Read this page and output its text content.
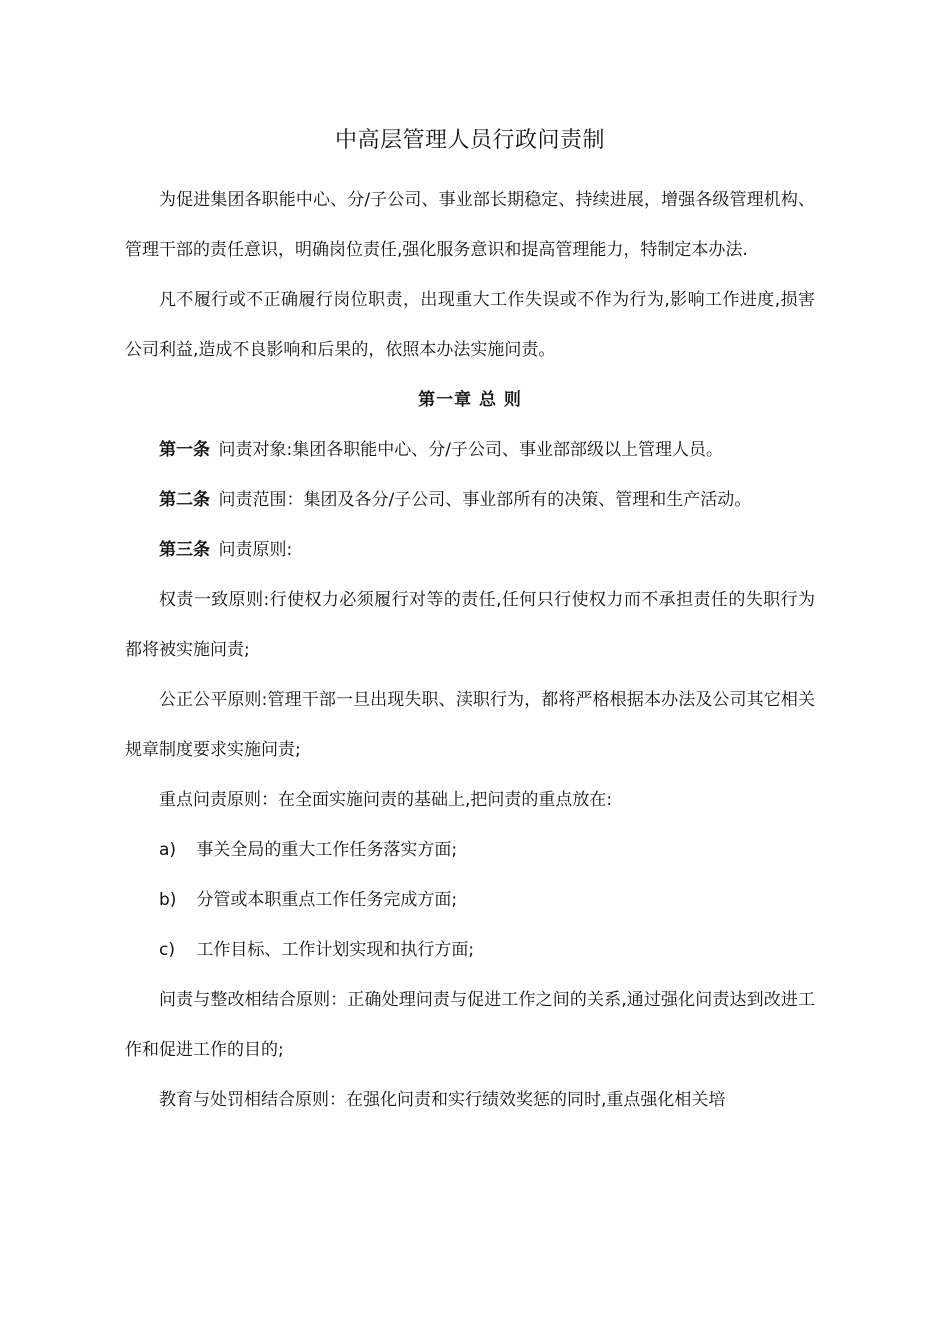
中高层管理人员行政问责制

为促进集团各职能中心、分/子公司、事业部长期稳定、持续进展，增强各级管理机构、管理干部的责任意识，明确岗位责任,强化服务意识和提高管理能力，特制定本办法.

凡不履行或不正确履行岗位职责，出现重大工作失误或不作为行为,影响工作进度,损害公司利益,造成不良影响和后果的，依照本办法实施问责。

第一章 总 则

第一条 问责对象:集团各职能中心、分/子公司、事业部部级以上管理人员。

第二条 问责范围：集团及各分/子公司、事业部所有的决策、管理和生产活动。

第三条 问责原则:

权责一致原则:行使权力必须履行对等的责任,任何只行使权力而不承担责任的失职行为都将被实施问责;

公正公平原则:管理干部一旦出现失职、渎职行为，都将严格根据本办法及公司其它相关规章制度要求实施问责;

重点问责原则：在全面实施问责的基础上,把问责的重点放在:

a) 事关全局的重大工作任务落实方面;

b) 分管或本职重点工作任务完成方面;

c) 工作目标、工作计划实现和执行方面;

问责与整改相结合原则：正确处理问责与促进工作之间的关系,通过强化问责达到改进工作和促进工作的目的;

教育与处罚相结合原则：在强化问责和实行绩效奖惩的同时,重点强化相关培
